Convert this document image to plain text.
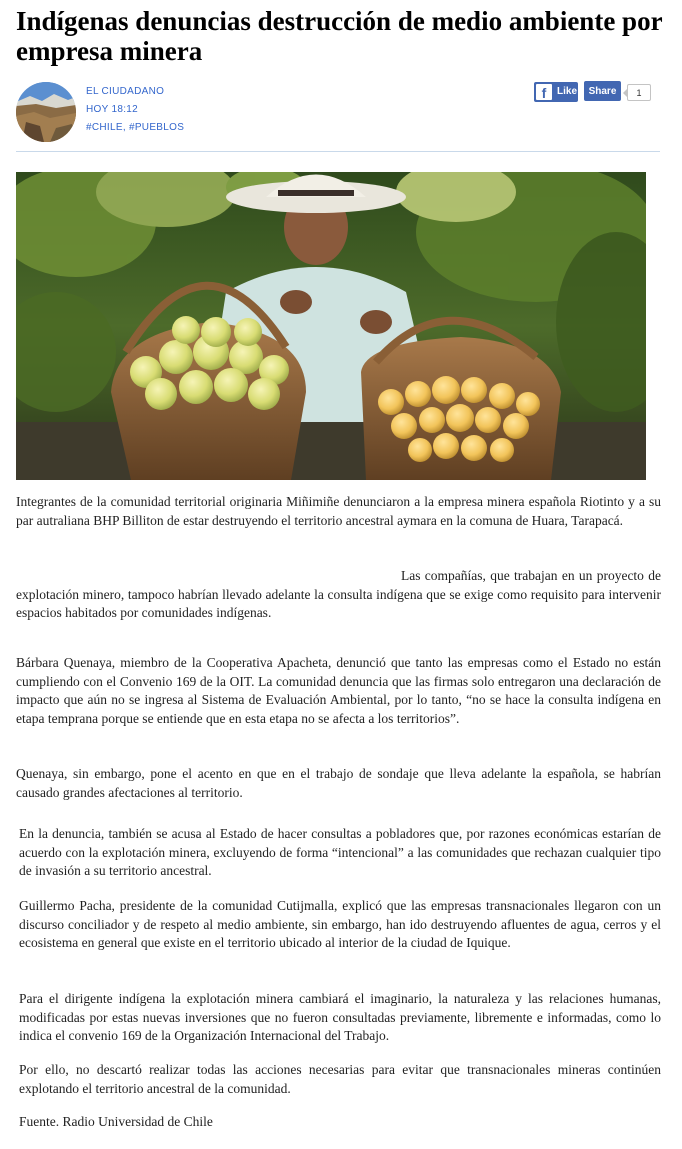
Indígenas denuncias destrucción de medio ambiente por empresa minera
EL CIUDADANO
HOY 18:12
#CHILE, #PUEBLOS
f	Like	Share	1

Integrantes de la comunidad territorial originaria Miñimiñe denunciaron a la empresa minera española Riotinto y a su par autraliana BHP Billiton de estar destruyendo el territorio ancestral aymara en la comuna de Huara, Tarapacá.

Las compañías, que trabajan en un proyecto de explotación minero, tampoco habrían llevado adelante la consulta indígena que se exige como requisito para intervenir espacios habitados por comunidades indígenas.

Bárbara Quenaya, miembro de la Cooperativa Apacheta, denunció que tanto las empresas como el Estado no están cumpliendo con el Convenio 169 de la OIT. La comunidad denuncia que las firmas solo entregaron una declaración de impacto que aún no se ingresa al Sistema de Evaluación Ambiental, por lo tanto, “no se hace la consulta indígena en etapa temprana porque se entiende que en esta etapa no se afecta a los territorios”.

Quenaya, sin embargo, pone el acento en que en el trabajo de sondaje que lleva adelante la española, se habrían causado grandes afectaciones al territorio.

En la denuncia, también se acusa al Estado de hacer consultas a pobladores que, por razones económicas estarían de acuerdo con la explotación minera, excluyendo de forma “intencional” a las comunidades que rechazan cualquier tipo de invasión a su territorio ancestral.

Guillermo Pacha, presidente de la comunidad Cutijmalla, explicó que las empresas transnacionales llegaron con un discurso conciliador y de respeto al medio ambiente, sin embargo, han ido destruyendo afluentes de agua, cerros y el ecosistema en general que existe en el territorio ubicado al interior de la ciudad de Iquique.

Para el dirigente indígena la explotación minera cambiará el imaginario, la naturaleza y las relaciones humanas, modificadas por estas nuevas inversiones que no fueron consultadas previamente, libremente e informadas, como lo indica el convenio 169 de la Organización Internacional del Trabajo.

Por ello, no descartó realizar todas las acciones necesarias para evitar que transnacionales mineras continúen explotando el territorio ancestral de la comunidad.

Fuente. Radio Universidad de Chile
